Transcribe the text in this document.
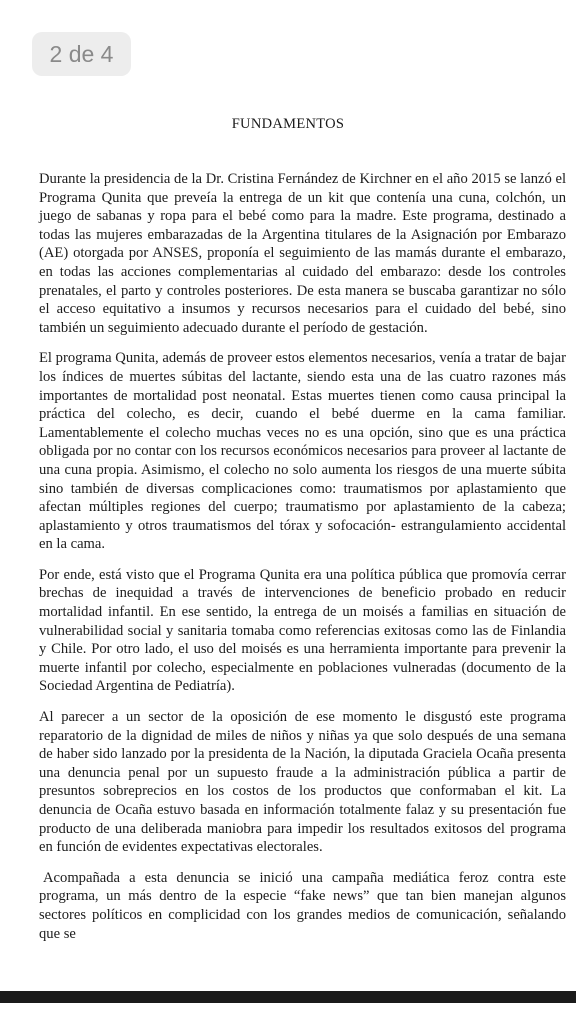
2 de 4
FUNDAMENTOS

Durante la presidencia de la Dr. Cristina Fernández de Kirchner en el año 2015 se lanzó el Programa Qunita que preveía la entrega de un kit que contenía una cuna, colchón, un juego de sabanas y ropa para el bebé como para la madre. Este programa, destinado a todas las mujeres embarazadas de la Argentina titulares de la Asignación por Embarazo (AE) otorgada por ANSES, proponía el seguimiento de las mamás durante el embarazo, en todas las acciones complementarias al cuidado del embarazo: desde los controles prenatales, el parto y controles posteriores. De esta manera se buscaba garantizar no sólo el acceso equitativo a insumos y recursos necesarios para el cuidado del bebé, sino también un seguimiento adecuado durante el período de gestación.

El programa Qunita, además de proveer estos elementos necesarios, venía a tratar de bajar los índices de muertes súbitas del lactante, siendo esta una de las cuatro razones más importantes de mortalidad post neonatal. Estas muertes tienen como causa principal la práctica del colecho, es decir, cuando el bebé duerme en la cama familiar. Lamentablemente el colecho muchas veces no es una opción, sino que es una práctica obligada por no contar con los recursos económicos necesarios para proveer al lactante de una cuna propia. Asimismo, el colecho no solo aumenta los riesgos de una muerte súbita sino también de diversas complicaciones como: traumatismos por aplastamiento que afectan múltiples regiones del cuerpo; traumatismo por aplastamiento de la cabeza; aplastamiento y otros traumatismos del tórax y sofocación- estrangulamiento accidental en la cama.

Por ende, está visto que el Programa Qunita era una política pública que promovía cerrar brechas de inequidad a través de intervenciones de beneficio probado en reducir mortalidad infantil. En ese sentido, la entrega de un moisés a familias en situación de vulnerabilidad social y sanitaria tomaba como referencias exitosas como las de Finlandia y Chile. Por otro lado, el uso del moisés es una herramienta importante para prevenir la muerte infantil por colecho, especialmente en poblaciones vulneradas (documento de la Sociedad Argentina de Pediatría).

Al parecer a un sector de la oposición de ese momento le disgustó este programa reparatorio de la dignidad de miles de niños y niñas ya que solo después de una semana de haber sido lanzado por la presidenta de la Nación, la diputada Graciela Ocaña presenta una denuncia penal por un supuesto fraude a la administración pública a partir de presuntos sobreprecios en los costos de los productos que conformaban el kit. La denuncia de Ocaña estuvo basada en información totalmente falaz y su presentación fue producto de una deliberada maniobra para impedir los resultados exitosos del programa en función de evidentes expectativas electorales.

Acompañada a esta denuncia se inició una campaña mediática feroz contra este programa, un más dentro de la especie “fake news” que tan bien manejan algunos sectores políticos en complicidad con los grandes medios de comunicación, señalando que se
